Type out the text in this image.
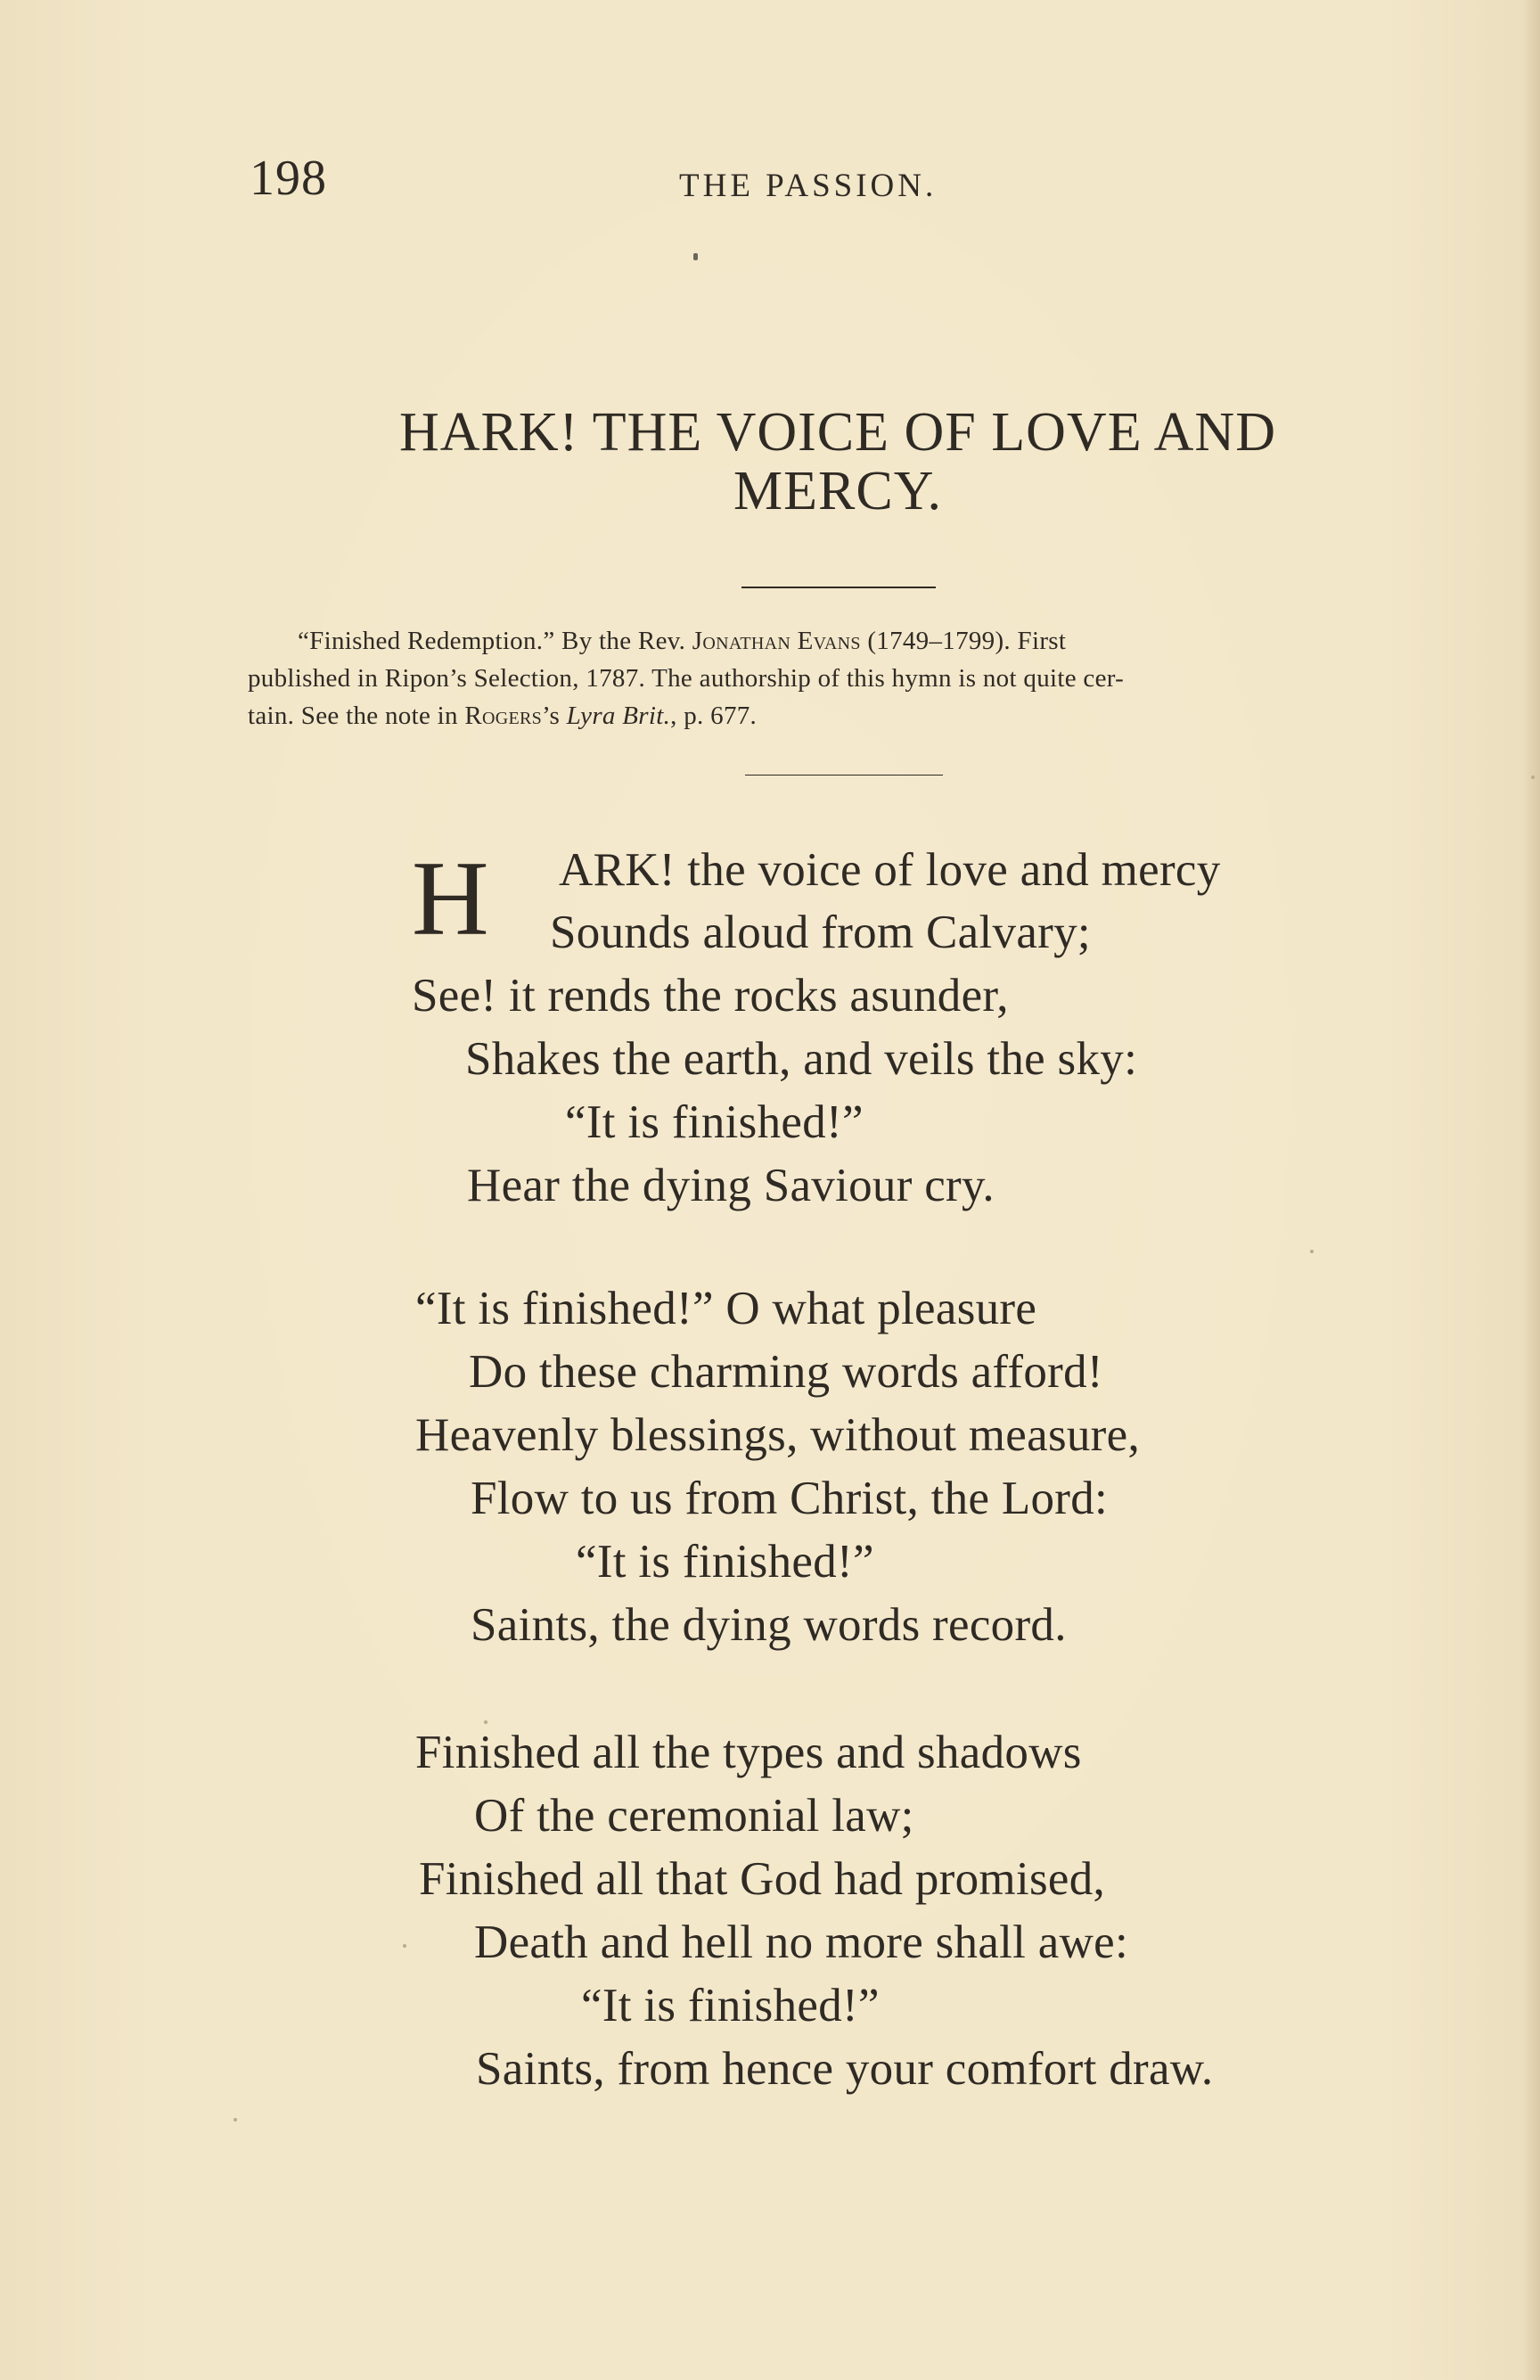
198	THE PASSION.
HARK! THE VOICE OF LOVE AND
MERCY.

“Finished Redemption.” By the Rev. Jonathan Evans (1749–1799). First
published in Ripon’s Selection, 1787. The authorship of this hymn is not quite cer-
tain. See the note in Rogers’s Lyra Brit., p. 677.

H ARK! the voice of love and mercy
Sounds aloud from Calvary;
See! it rends the rocks asunder,
Shakes the earth, and veils the sky:
“It is finished!”
Hear the dying Saviour cry.
“It is finished!” O what pleasure
Do these charming words afford!
Heavenly blessings, without measure,
Flow to us from Christ, the Lord:
“It is finished!”
Saints, the dying words record.
Finished all the types and shadows
Of the ceremonial law;
Finished all that God had promised,
Death and hell no more shall awe:
“It is finished!”
Saints, from hence your comfort draw.
